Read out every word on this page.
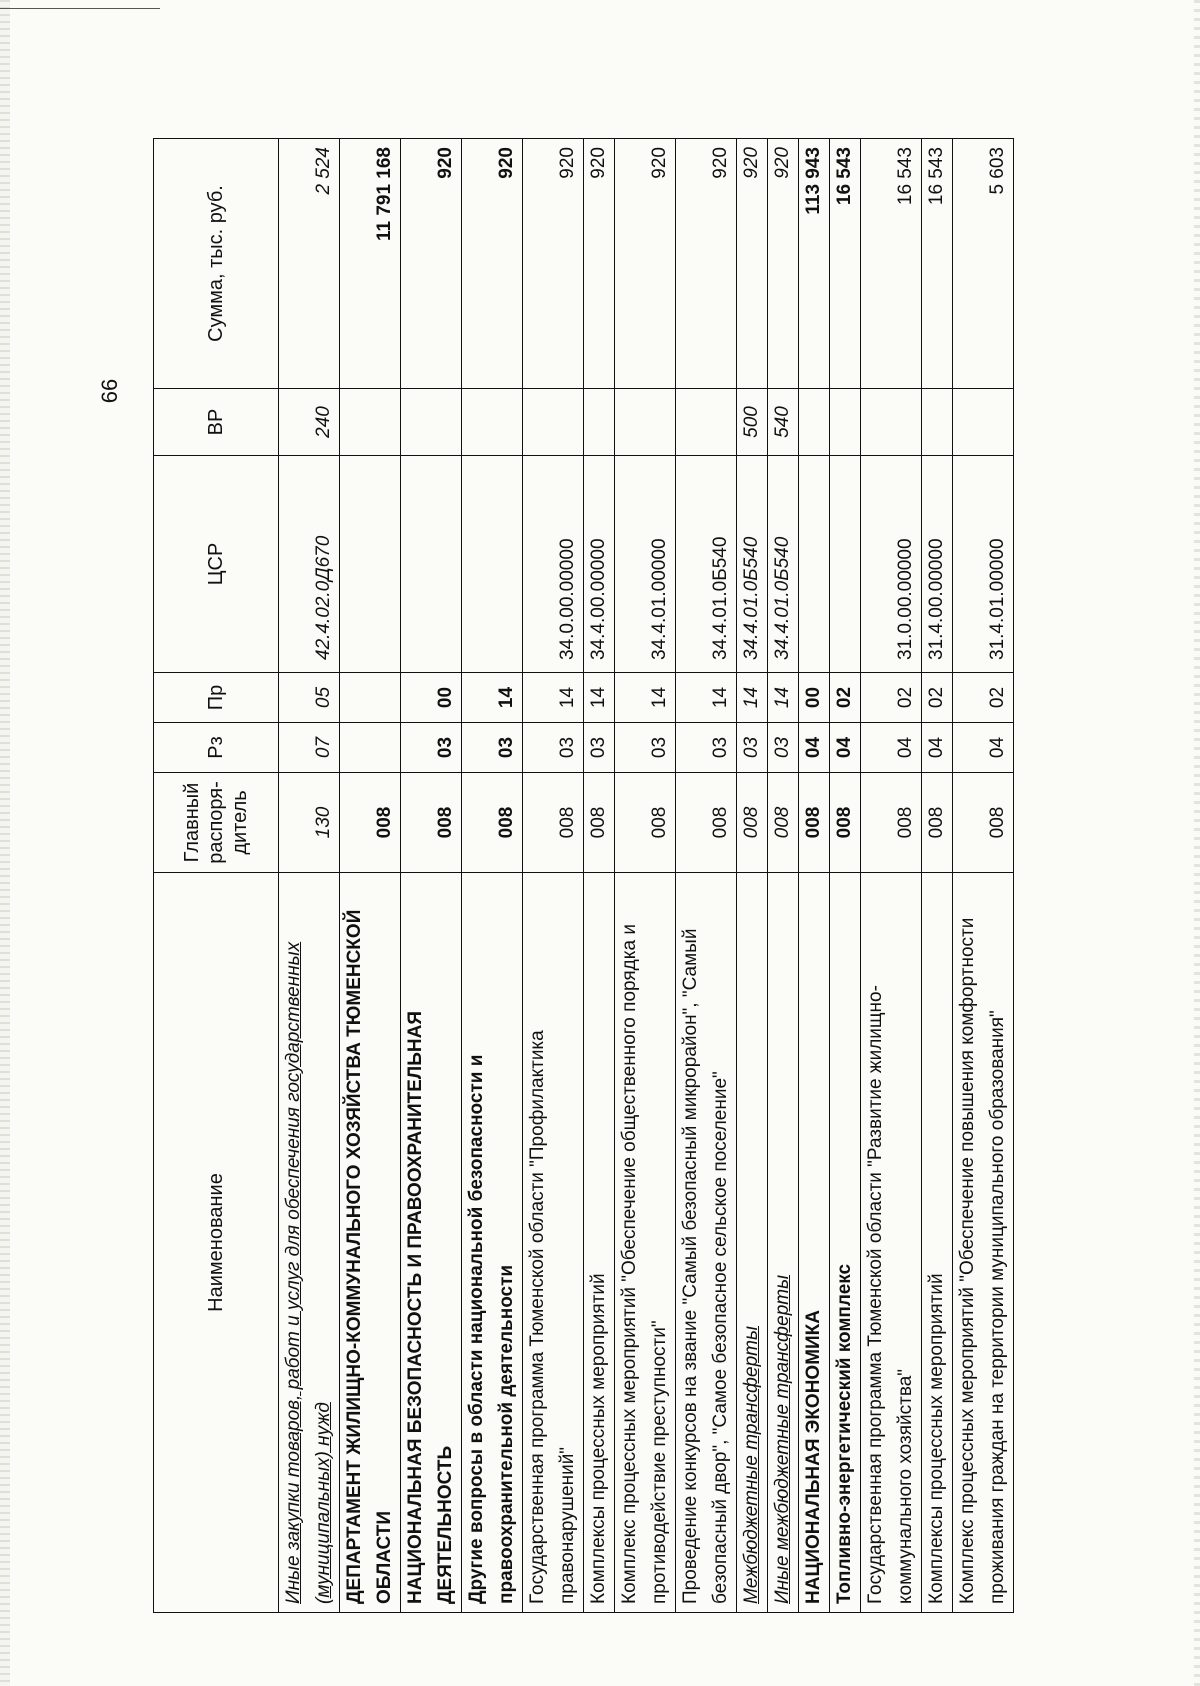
66
Наименование	Главный распоря-дитель	Рз	Пр	ЦСР	ВР	Сумма, тыс. руб.
Иные закупки товаров, работ и услуг для обеспечения государственных (муниципальных) нужд	130	07	05	42.4.02.0Д670	240	2 524
ДЕПАРТАМЕНТ ЖИЛИЩНО-КОММУНАЛЬНОГО ХОЗЯЙСТВА ТЮМЕНСКОЙ ОБЛАСТИ	008					11 791 168
НАЦИОНАЛЬНАЯ БЕЗОПАСНОСТЬ И ПРАВООХРАНИТЕЛЬНАЯ ДЕЯТЕЛЬНОСТЬ	008	03	00			920
Другие вопросы в области национальной безопасности и правоохранительной деятельности	008	03	14			920
Государственная программа Тюменской области "Профилактика правонарушений"	008	03	14	34.0.00.00000		920
Комплексы процессных мероприятий	008	03	14	34.4.00.00000		920
Комплекс процессных мероприятий "Обеспечение общественного порядка и противодействие преступности"	008	03	14	34.4.01.00000		920
Проведение конкурсов на звание "Самый безопасный микрорайон", "Самый безопасный двор", "Самое безопасное сельское поселение"	008	03	14	34.4.01.0Б540		920
Межбюджетные трансферты	008	03	14	34.4.01.0Б540	500	920
Иные межбюджетные трансферты	008	03	14	34.4.01.0Б540	540	920
НАЦИОНАЛЬНАЯ ЭКОНОМИКА	008	04	00			113 943
Топливно-энергетический комплекс	008	04	02			16 543
Государственная программа Тюменской области "Развитие жилищно-коммунального хозяйства"	008	04	02	31.0.00.00000		16 543
Комплексы процессных мероприятий	008	04	02	31.4.00.00000		16 543
Комплекс процессных мероприятий "Обеспечение повышения комфортности проживания граждан на территории муниципального образования"	008	04	02	31.4.01.00000		5 603
